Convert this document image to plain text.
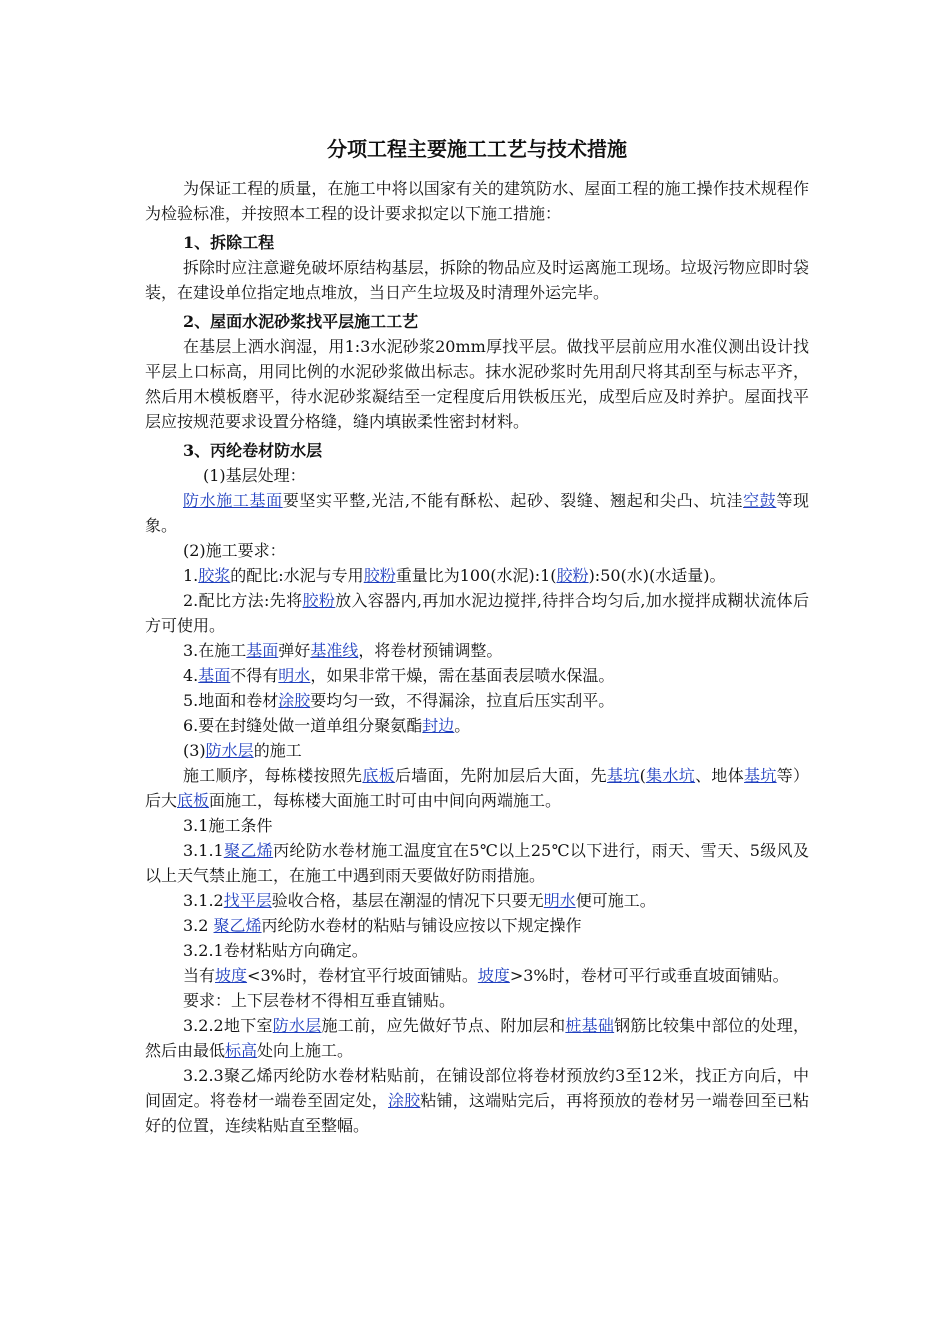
分项工程主要施工工艺与技术措施

为保证工程的质量，在施工中将以国家有关的建筑防水、屋面工程的施工操作技术规程作为检验标准，并按照本工程的设计要求拟定以下施工措施：

1、拆除工程

拆除时应注意避免破坏原结构基层，拆除的物品应及时运离施工现场。垃圾污物应即时袋装，在建设单位指定地点堆放，当日产生垃圾及时清理外运完毕。

2、屋面水泥砂浆找平层施工工艺

在基层上洒水润湿，用1:3水泥砂浆20mm厚找平层。做找平层前应用水准仪测出设计找平层上口标高，用同比例的水泥砂浆做出标志。抹水泥砂浆时先用刮尺将其刮至与标志平齐，然后用木模板磨平，待水泥砂浆凝结至一定程度后用铁板压光，成型后应及时养护。屋面找平层应按规范要求设置分格缝，缝内填嵌柔性密封材料。

3、丙纶卷材防水层

(1)基层处理：

防水施工基面要坚实平整,光洁,不能有酥松、起砂、裂缝、翘起和尖凸、坑洼空鼓等现象。

(2)施工要求：

1.胶浆的配比:水泥与专用胶粉重量比为100(水泥):1(胶粉):50(水)(水适量)。

2.配比方法:先将胶粉放入容器内,再加水泥边搅拌,待拌合均匀后,加水搅拌成糊状流体后方可使用。

3.在施工基面弹好基准线，将卷材预铺调整。

4.基面不得有明水，如果非常干燥，需在基面表层喷水保温。

5.地面和卷材涂胶要均匀一致，不得漏涂，拉直后压实刮平。

6.要在封缝处做一道单组分聚氨酯封边。

(3)防水层的施工

施工顺序，每栋楼按照先底板后墙面，先附加层后大面，先基坑(集水坑、地体基坑等）后大底板面施工，每栋楼大面施工时可由中间向两端施工。

3.1施工条件

3.1.1聚乙烯丙纶防水卷材施工温度宜在5℃以上25℃以下进行，雨天、雪天、5级风及以上天气禁止施工，在施工中遇到雨天要做好防雨措施。

3.1.2找平层验收合格，基层在潮湿的情况下只要无明水便可施工。

3.2 聚乙烯丙纶防水卷材的粘贴与铺设应按以下规定操作

3.2.1卷材粘贴方向确定。

当有坡度<3%时，卷材宜平行坡面铺贴。坡度>3%时，卷材可平行或垂直坡面铺贴。

要求：上下层卷材不得相互垂直铺贴。

3.2.2地下室防水层施工前，应先做好节点、附加层和桩基础钢筋比较集中部位的处理，然后由最低标高处向上施工。

3.2.3聚乙烯丙纶防水卷材粘贴前，在铺设部位将卷材预放约3至12米，找正方向后，中间固定。将卷材一端卷至固定处，涂胶粘铺，这端贴完后，再将预放的卷材另一端卷回至已粘好的位置，连续粘贴直至整幅。
